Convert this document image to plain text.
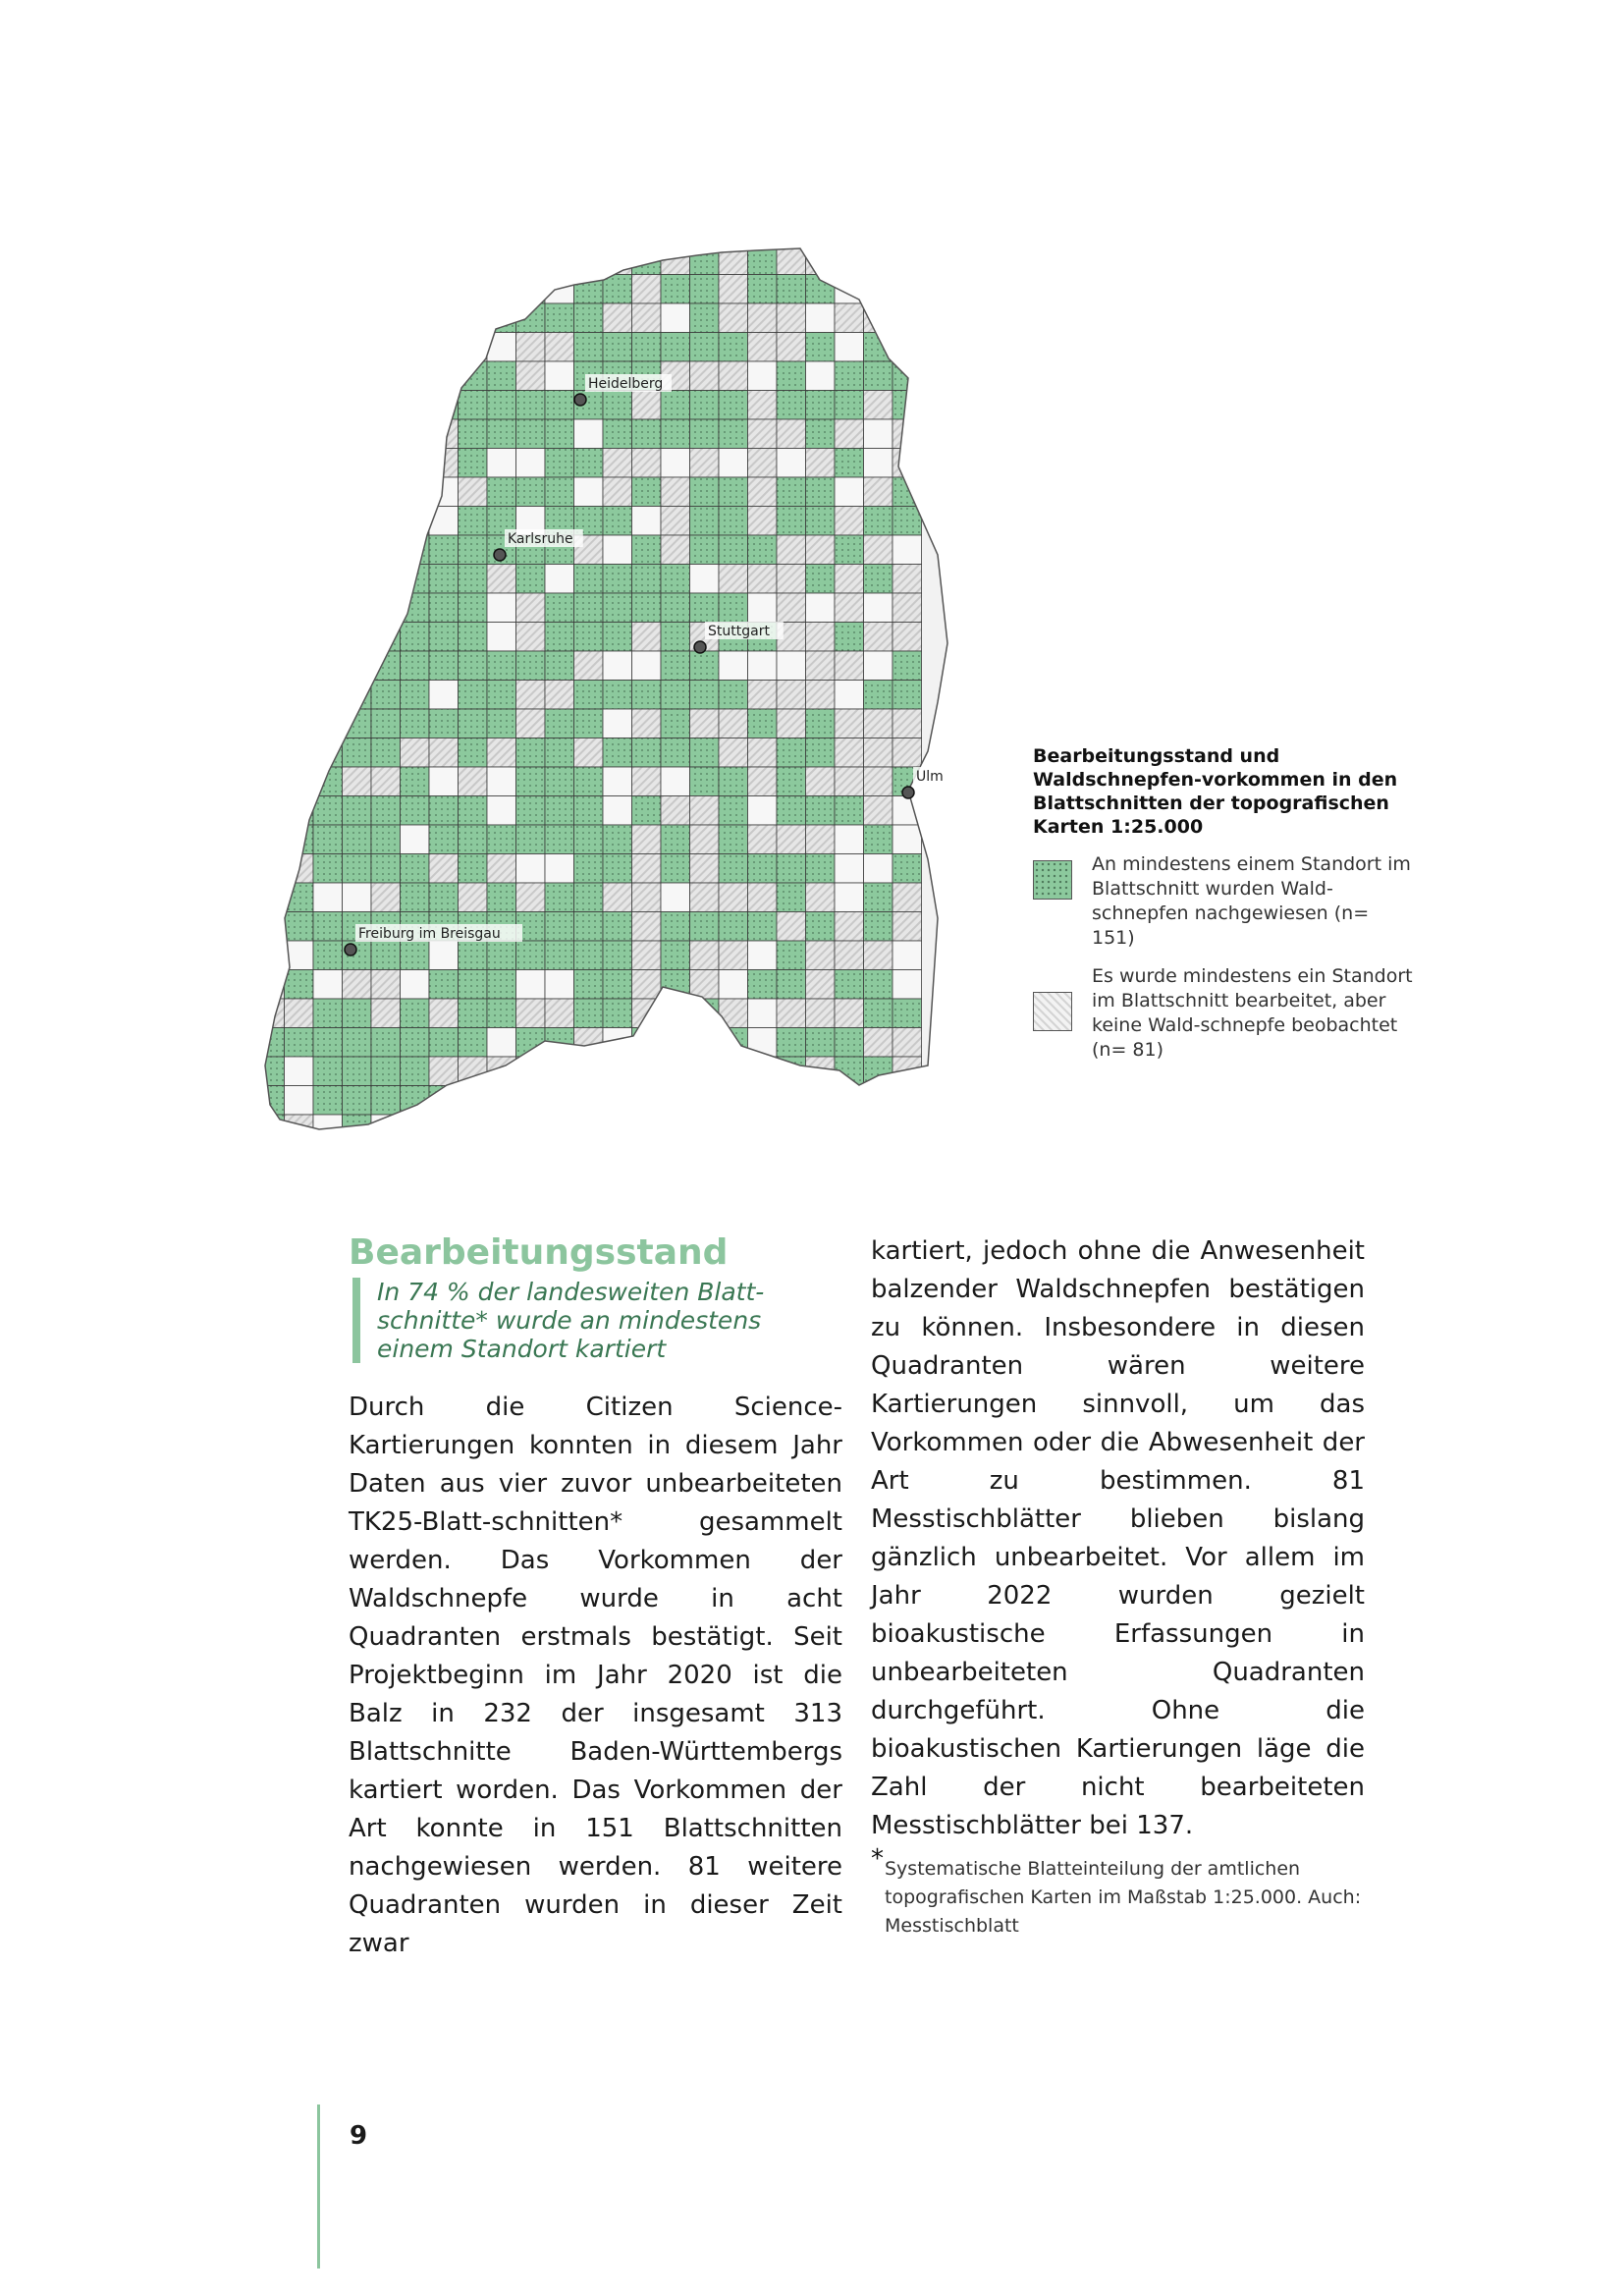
Heidelberg
Karlsruhe
Stuttgart
Ulm
Freiburg im Breisgau
Bearbeitungsstand und Waldschnepfen-vorkommen in den Blattschnitten der topografischen Karten 1:25.000
An mindestens einem Standort im Blattschnitt wurden Wald-schnepfen nachgewiesen (n= 151)
Es wurde mindestens ein Standort im Blattschnitt bearbeitet, aber keine Wald-schnepfe beobachtet (n= 81)
Bearbeitungsstand
In 74 % der landesweiten Blatt-schnitte* wurde an mindestens einem Standort kartiert
Durch die Citizen Science-Kartierungen konnten in diesem Jahr Daten aus vier zuvor unbearbeiteten TK25-Blatt-schnitten* gesammelt werden. Das Vorkommen der Waldschnepfe wurde in acht Quadranten erstmals bestätigt. Seit Projektbeginn im Jahr 2020 ist die Balz in 232 der insgesamt 313 Blattschnitte Baden-Württembergs kartiert worden. Das Vorkommen der Art konnte in 151 Blattschnitten nachgewiesen werden. 81 weitere Quadranten wurden in dieser Zeit zwar
kartiert, jedoch ohne die Anwesenheit balzender Waldschnepfen bestätigen zu können. Insbesondere in diesen Quadranten wären weitere Kartierungen sinnvoll, um das Vorkommen oder die Abwesenheit der Art zu bestimmen. 81 Messtischblätter blieben bislang gänzlich unbearbeitet. Vor allem im Jahr 2022 wurden gezielt bioakustische Erfassungen in unbearbeiteten Quadranten durchgeführt. Ohne die bioakustischen Kartierungen läge die Zahl der nicht bearbeiteten Messtischblätter bei 137.
* Systematische Blatteinteilung der amtlichen topografischen Karten im Maßstab 1:25.000. Auch: Messtischblatt
9
